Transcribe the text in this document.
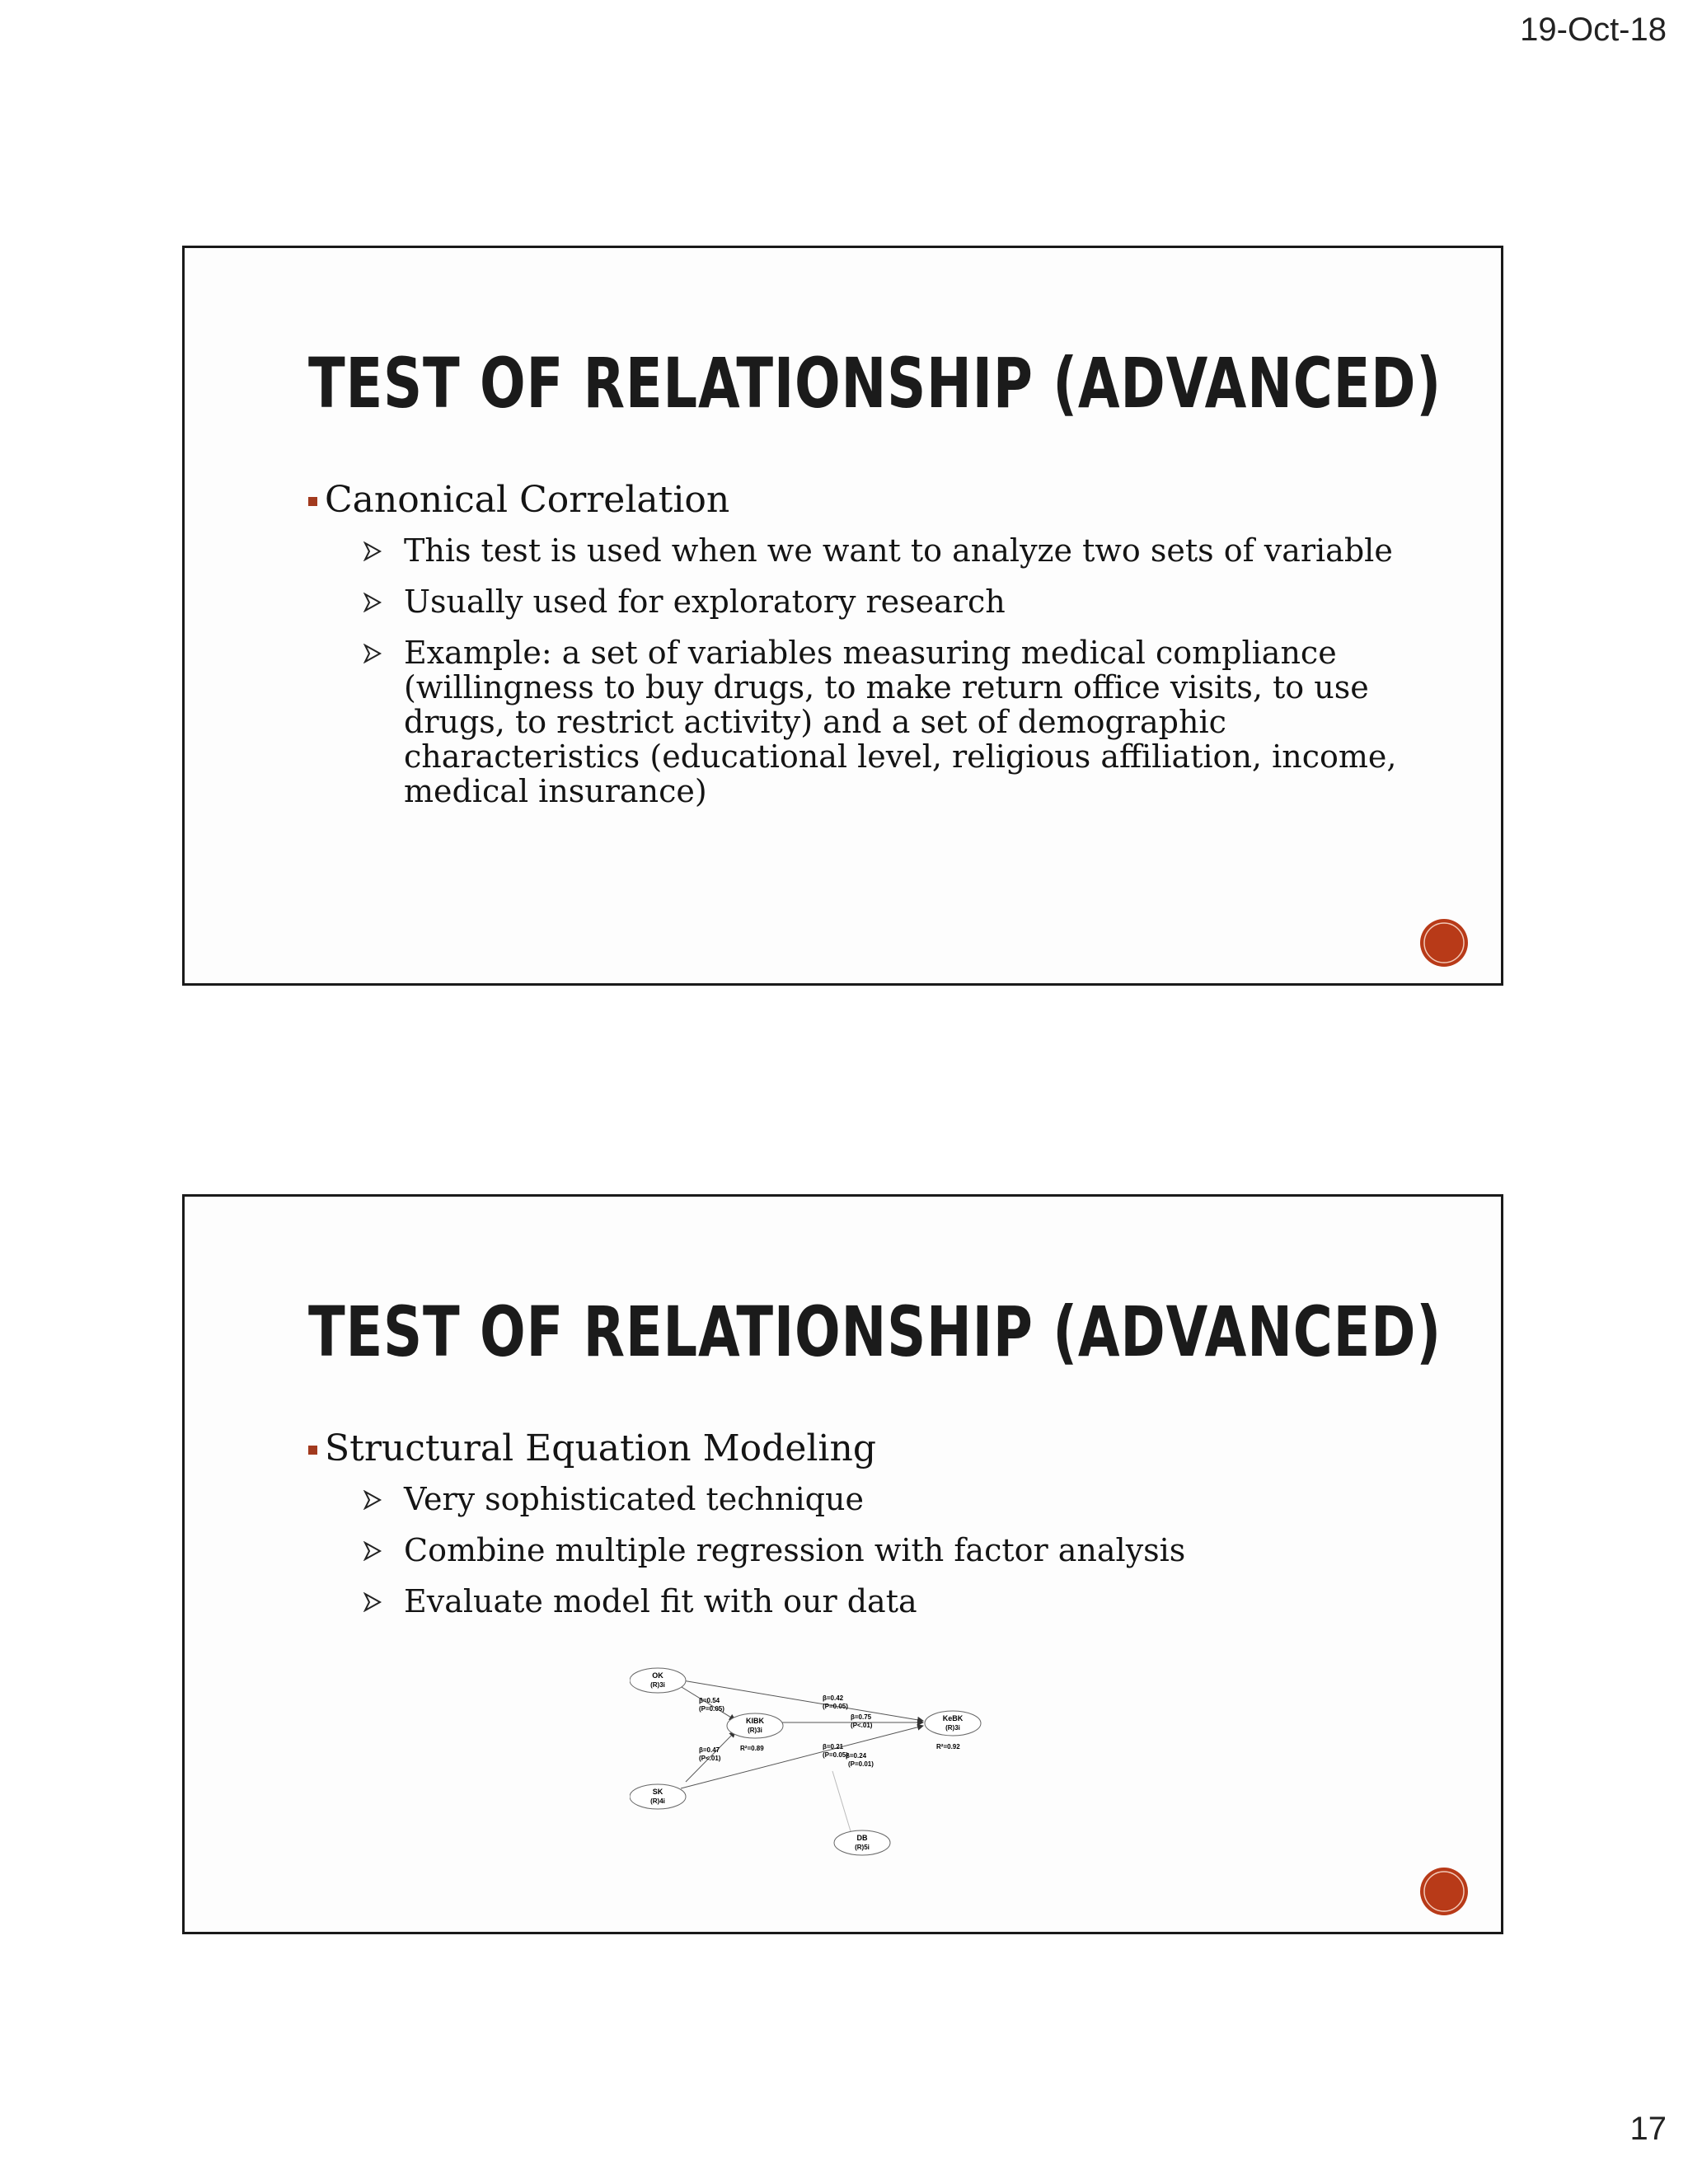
19-Oct-18
TEST OF RELATIONSHIP (ADVANCED)
Canonical Correlation
This test is used when we want to analyze two sets of variable
Usually used for exploratory research
Example: a set of variables measuring medical compliance (willingness to buy drugs, to make return office visits, to use drugs, to restrict activity) and a set of demographic characteristics (educational level, religious affiliation, income, medical insurance)
TEST OF RELATIONSHIP (ADVANCED)
Structural Equation Modeling
Very sophisticated technique
Combine multiple regression with factor analysis
Evaluate model fit with our data
OK
(R)3i
KIBK
(R)3i
KeBK
(R)3i
SK
(R)4i
DB
(R)5i
β=0.54
(P=0.05)
β=0.42
(P=0.05)
β=0.75
(P<.01)
β=0.47
(P<.01)
R²=0.89	β=0.21
(P=0.05)
β=0.24
(P=0.01)
R²=0.92
17
